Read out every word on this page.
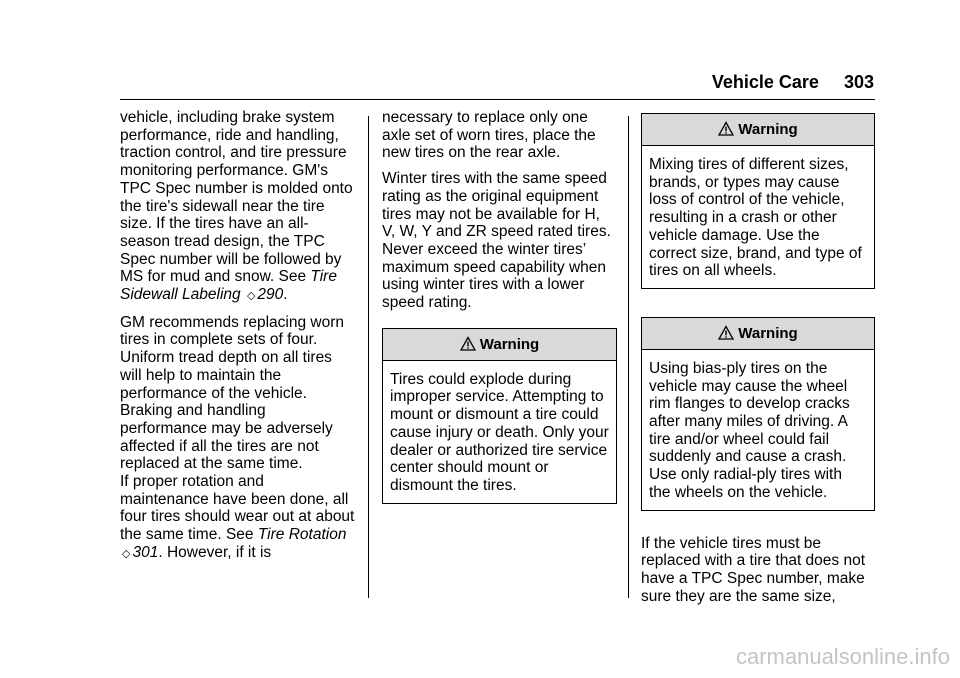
Vehicle Care 303

vehicle, including brake system performance, ride and handling, traction control, and tire pressure monitoring performance. GM's TPC Spec number is molded onto the tire's sidewall near the tire size. If the tires have an all-season tread design, the TPC Spec number will be followed by MS for mud and snow. See Tire Sidewall Labeling ◇ 290.

GM recommends replacing worn tires in complete sets of four. Uniform tread depth on all tires will help to maintain the performance of the vehicle. Braking and handling performance may be adversely affected if all the tires are not replaced at the same time.

If proper rotation and maintenance have been done, all four tires should wear out at about the same time. See Tire Rotation ◇ 301. However, if it is

necessary to replace only one axle set of worn tires, place the new tires on the rear axle.

Winter tires with the same speed rating as the original equipment tires may not be available for H, V, W, Y and ZR speed rated tires. Never exceed the winter tires’ maximum speed capability when using winter tires with a lower speed rating.

Warning
Tires could explode during improper service. Attempting to mount or dismount a tire could cause injury or death. Only your dealer or authorized tire service center should mount or dismount the tires.
Warning
Mixing tires of different sizes, brands, or types may cause loss of control of the vehicle, resulting in a crash or other vehicle damage. Use the correct size, brand, and type of tires on all wheels.
Warning
Using bias-ply tires on the vehicle may cause the wheel rim flanges to develop cracks after many miles of driving. A tire and/or wheel could fail suddenly and cause a crash. Use only radial-ply tires with the wheels on the vehicle.

If the vehicle tires must be replaced with a tire that does not have a TPC Spec number, make sure they are the same size,

carmanualsonline.info
